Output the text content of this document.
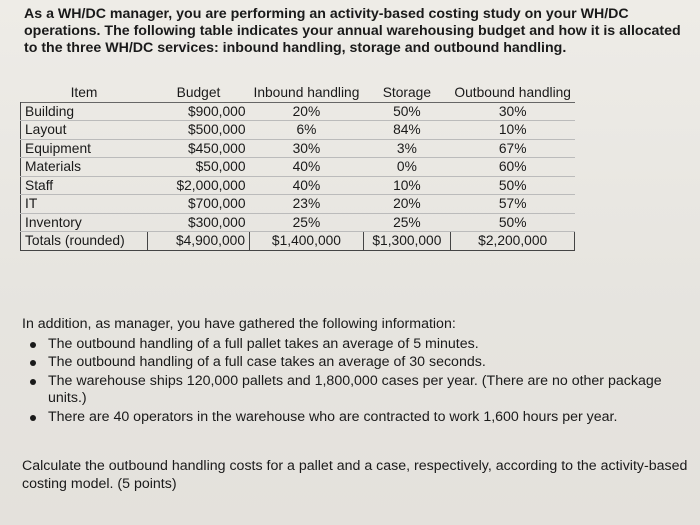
As a WH/DC manager, you are performing an activity-based costing study on your WH/DC operations. The following table indicates your annual warehousing budget and how it is allocated to the three WH/DC services: inbound handling, storage and outbound handling.
Item	Budget	Inbound handling	Storage	Outbound handling
Building	$900,000	20%	50%	30%
Layout	$500,000	6%	84%	10%
Equipment	$450,000	30%	3%	67%
Materials	$50,000	40%	0%	60%
Staff	$2,000,000	40%	10%	50%
IT	$700,000	23%	20%	57%
Inventory	$300,000	25%	25%	50%
Totals (rounded)	$4,900,000	$1,400,000	$1,300,000	$2,200,000

In addition, as manager, you have gathered the following information:

The outbound handling of a full pallet takes an average of 5 minutes.
The outbound handling of a full case takes an average of 30 seconds.
The warehouse ships 120,000 pallets and 1,800,000 cases per year. (There are no other package units.)
There are 40 operators in the warehouse who are contracted to work 1,600 hours per year.
Calculate the outbound handling costs for a pallet and a case, respectively, according to the activity-based costing model. (5 points)
